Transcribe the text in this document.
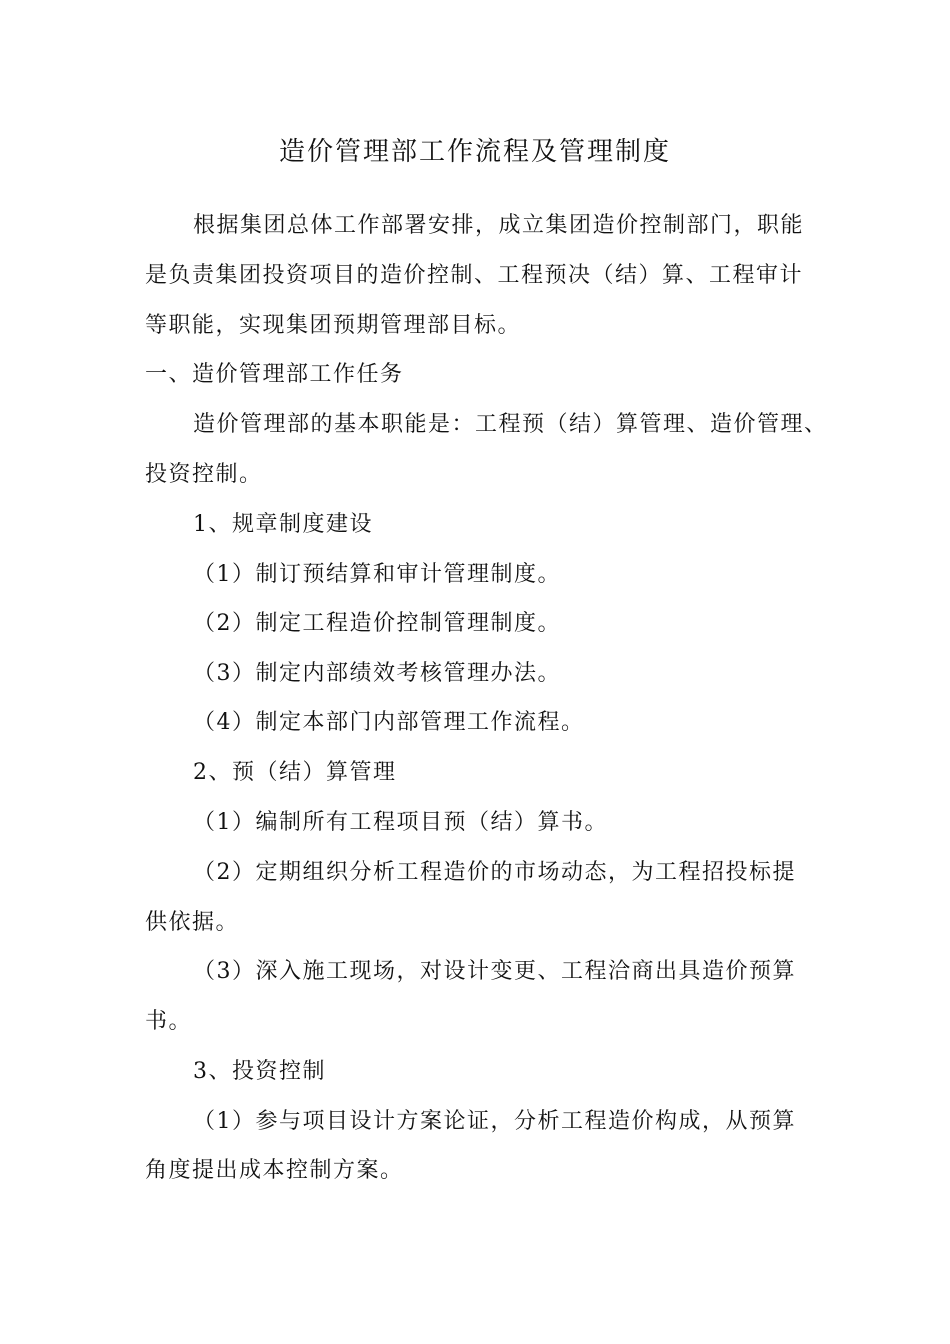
造价管理部工作流程及管理制度
根据集团总体工作部署安排，成立集团造价控制部门，职能
是负责集团投资项目的造价控制、工程预决（结）算、工程审计
等职能，实现集团预期管理部目标。
一、造价管理部工作任务
造价管理部的基本职能是：工程预（结）算管理、造价管理、
投资控制。
1、规章制度建设
（1）制订预结算和审计管理制度。
（2）制定工程造价控制管理制度。
（3）制定内部绩效考核管理办法。
（4）制定本部门内部管理工作流程。
2、预（结）算管理
（1）编制所有工程项目预（结）算书。
（2）定期组织分析工程造价的市场动态，为工程招投标提
供依据。
（3）深入施工现场，对设计变更、工程洽商出具造价预算
书。
3、投资控制
（1）参与项目设计方案论证，分析工程造价构成，从预算
角度提出成本控制方案。
